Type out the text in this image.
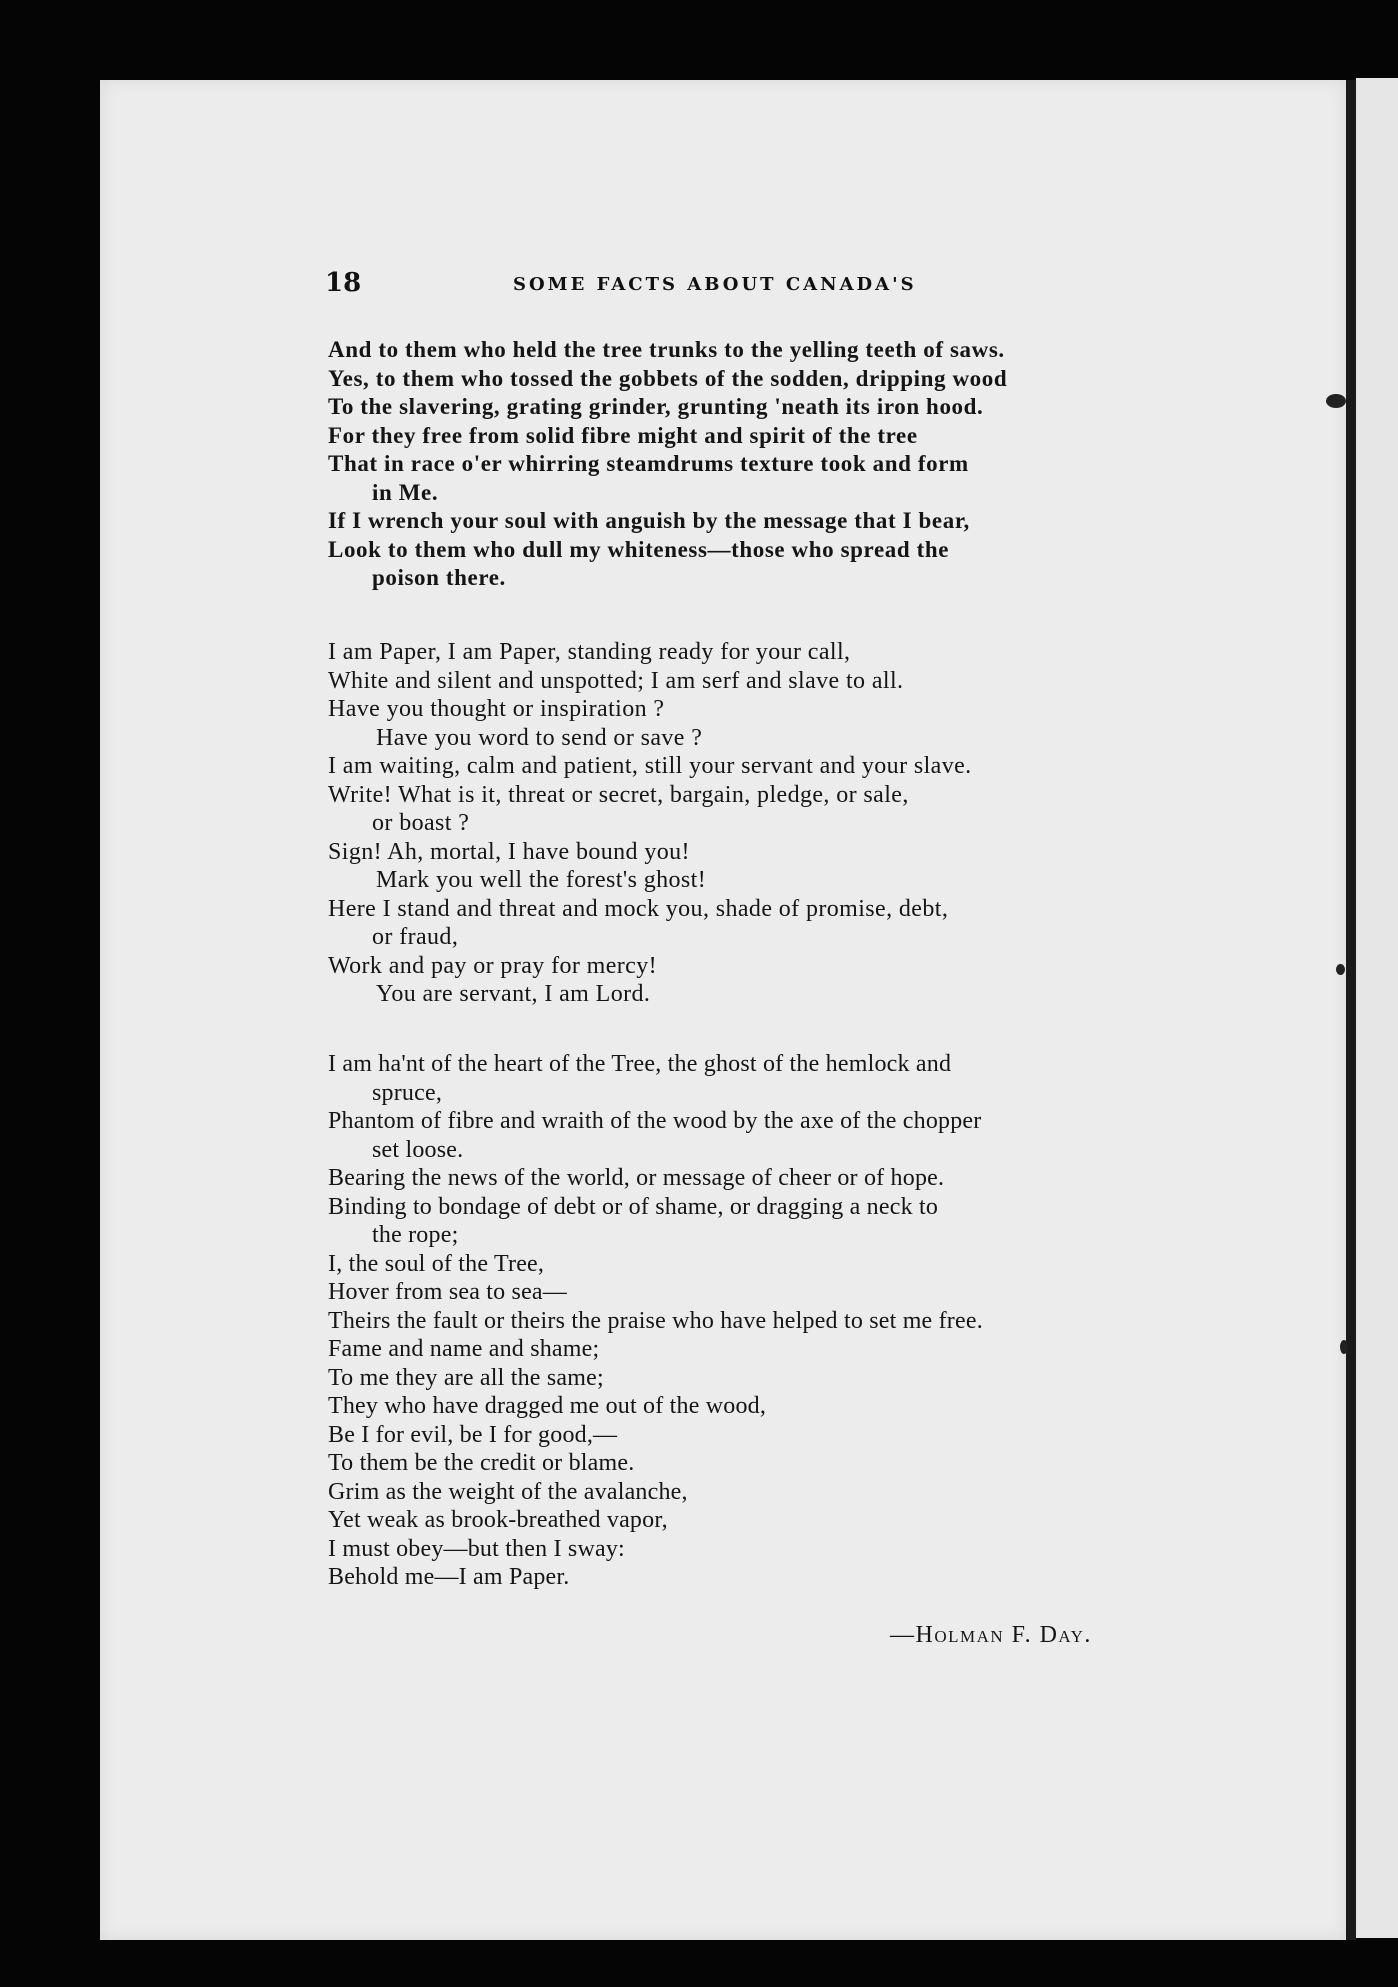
18	SOME FACTS ABOUT CANADA'S
And to them who held the tree trunks to the yelling teeth of saws.
Yes, to them who tossed the gobbets of the sodden, dripping wood
To the slavering, grating grinder, grunting 'neath its iron hood.
For they free from solid fibre might and spirit of the tree
That in race o'er whirring steamdrums texture took and form
in Me.
If I wrench your soul with anguish by the message that I bear,
Look to them who dull my whiteness—those who spread the
poison there.
I am Paper, I am Paper, standing ready for your call,
White and silent and unspotted; I am serf and slave to all.
Have you thought or inspiration ?
Have you word to send or save ?
I am waiting, calm and patient, still your servant and your slave.
Write! What is it, threat or secret, bargain, pledge, or sale,
or boast ?
Sign! Ah, mortal, I have bound you!
Mark you well the forest's ghost!
Here I stand and threat and mock you, shade of promise, debt,
or fraud,
Work and pay or pray for mercy!
You are servant, I am Lord.
I am ha'nt of the heart of the Tree, the ghost of the hemlock and
spruce,
Phantom of fibre and wraith of the wood by the axe of the chopper
set loose.
Bearing the news of the world, or message of cheer or of hope.
Binding to bondage of debt or of shame, or dragging a neck to
the rope;
I, the soul of the Tree,
Hover from sea to sea—
Theirs the fault or theirs the praise who have helped to set me free.
Fame and name and shame;
To me they are all the same;
They who have dragged me out of the wood,
Be I for evil, be I for good,—
To them be the credit or blame.
Grim as the weight of the avalanche,
Yet weak as brook-breathed vapor,
I must obey—but then I sway:
Behold me—I am Paper.
—Holman F. Day.
